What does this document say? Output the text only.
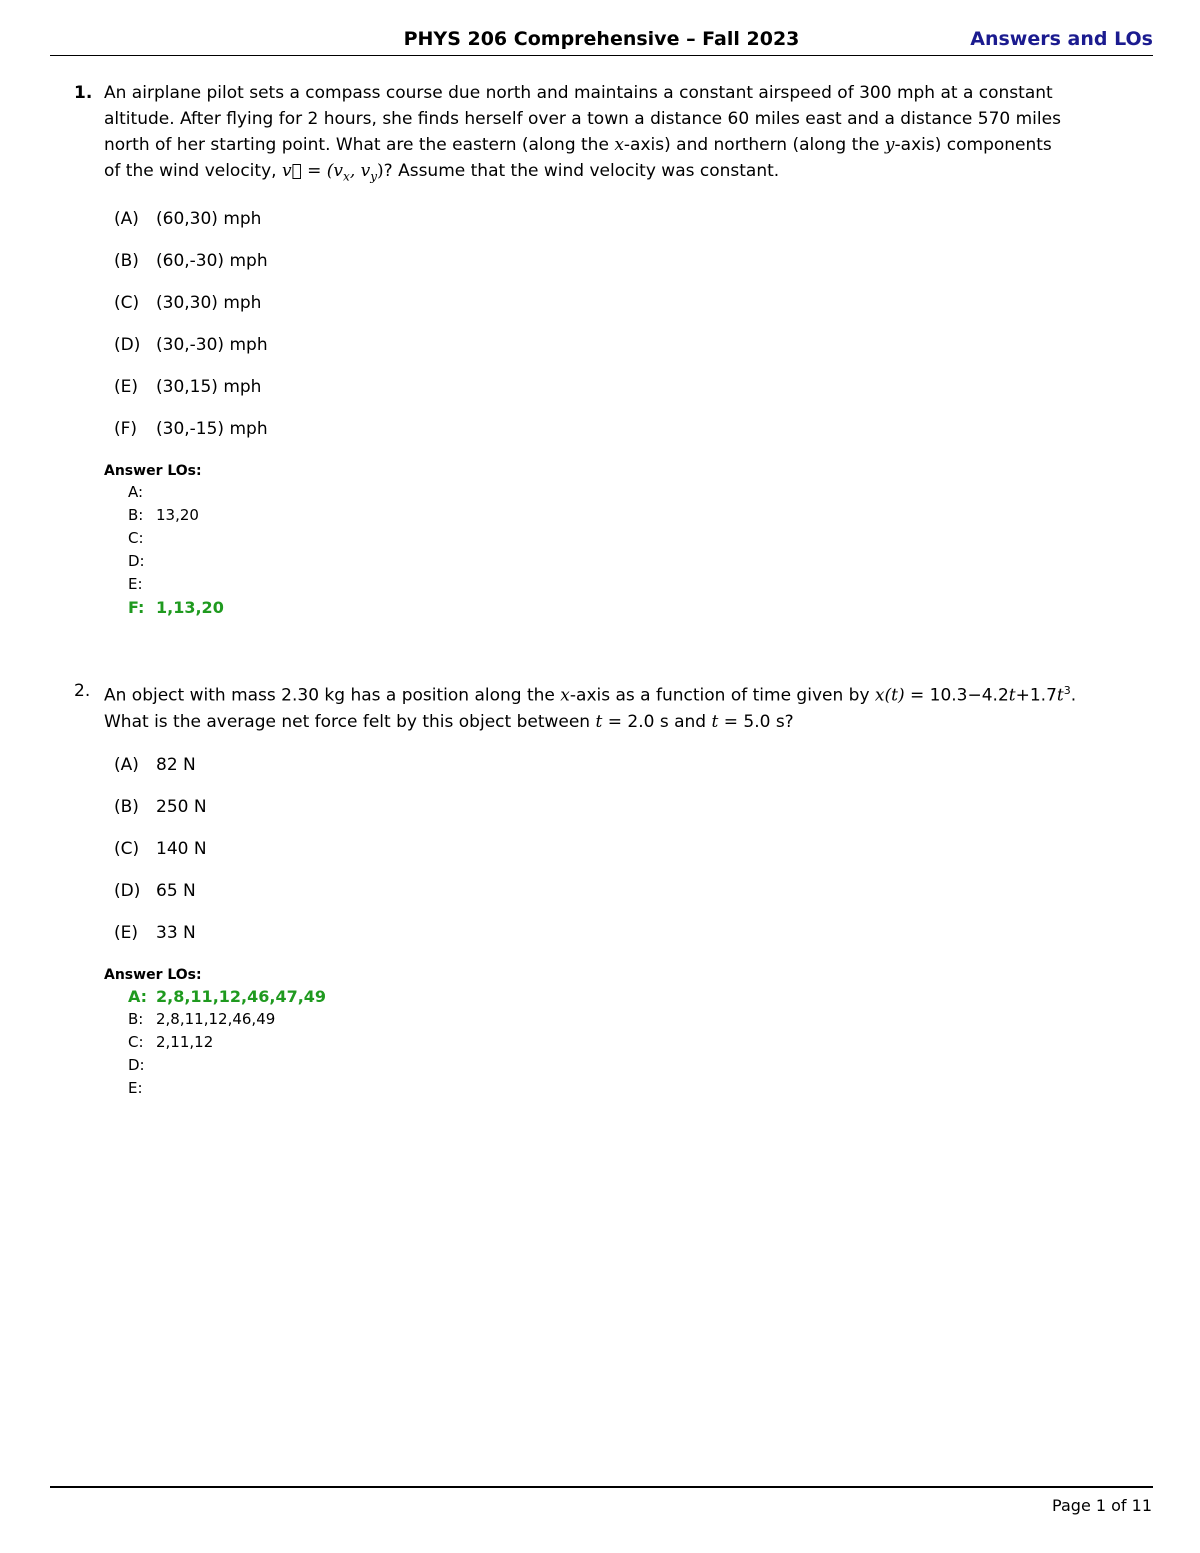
PHYS 206 Comprehensive – Fall 2023	Answers and LOs
1. An airplane pilot sets a compass course due north and maintains a constant airspeed of 300 mph at a constant
altitude. After flying for 2 hours, she finds herself over a town a distance 60 miles east and a distance 570 miles
north of her starting point. What are the eastern (along the x-axis) and northern (along the y-axis) components
of the wind velocity, v⃗ = ($v_x$, $v_y$)? Assume that the wind velocity was constant.
(A) (60,30) mph
(B) (60,-30) mph
(C) (30,30) mph
(D) (30,-30) mph
(E) (30,15) mph
(F) (30,-15) mph
Answer LOs:
A:
B: 13,20
C:
D:
E:
F: 1,13,20
2. An object with mass 2.30 kg has a position along the x-axis as a function of time given by $x(t) = 10.3-4.2t+1.7t^3$.
What is the average net force felt by this object between t = 2.0 s and t = 5.0 s?
(A) 82 N
(B) 250 N
(C) 140 N
(D) 65 N
(E) 33 N
Answer LOs:
A: 2,8,11,12,46,47,49
B: 2,8,11,12,46,49
C: 2,11,12
D:
E:
Page 1 of 11
